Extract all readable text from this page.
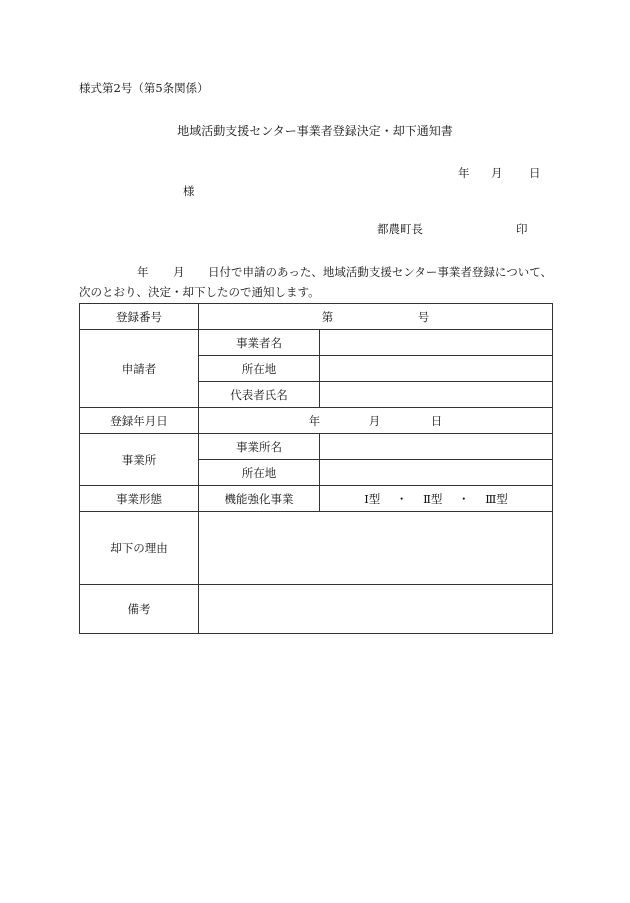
様式第2号（第5条関係）
地域活動支援センター事業者登録決定・却下通知書
年 月 日
様
都農町長	印
年 月 日付で申請のあった、地域活動支援センター事業者登録について、
次のとおり、決定・却下したので通知します。
登録番号	第 号	
申請者	事業者名	
	所在地	
	代表者氏名	
登録年月日	年 月 日	
事業所	事業所名	
	所在地	
事業形態	機能強化事業	Ⅰ型 ・ Ⅱ型 ・ Ⅲ型
却下の理由		
備考		
